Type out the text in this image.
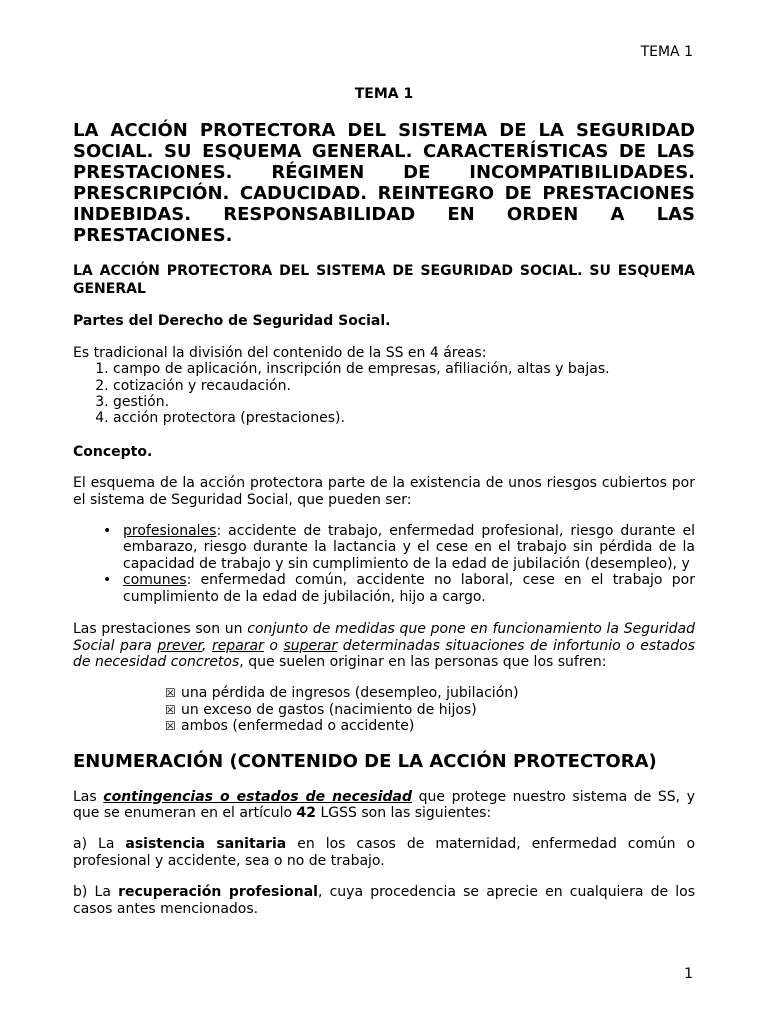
TEMA 1
TEMA 1
LA ACCIÓN PROTECTORA DEL SISTEMA DE LA SEGURIDAD SOCIAL. SU ESQUEMA GENERAL. CARACTERÍSTICAS DE LAS PRESTACIONES. RÉGIMEN DE INCOMPATIBILIDADES. PRESCRIPCIÓN. CADUCIDAD. REINTEGRO DE PRESTACIONES INDEBIDAS. RESPONSABILIDAD EN ORDEN A LAS PRESTACIONES.
LA ACCIÓN PROTECTORA DEL SISTEMA DE SEGURIDAD SOCIAL. SU ESQUEMA GENERAL
Partes del Derecho de Seguridad Social.

Es tradicional la división del contenido de la SS en 4 áreas:

1. campo de aplicación, inscripción de empresas, afiliación, altas y bajas.
2. cotización y recaudación.
3. gestión.
4. acción protectora (prestaciones).
Concepto.

El esquema de la acción protectora parte de la existencia de unos riesgos cubiertos por el sistema de Seguridad Social, que pueden ser:

• profesionales: accidente de trabajo, enfermedad profesional, riesgo durante el embarazo, riesgo durante la lactancia y el cese en el trabajo sin pérdida de la capacidad de trabajo y sin cumplimiento de la edad de jubilación (desempleo), y
• comunes: enfermedad común, accidente no laboral, cese en el trabajo por cumplimiento de la edad de jubilación, hijo a cargo.

Las prestaciones son un conjunto de medidas que pone en funcionamiento la Seguridad Social para prever, reparar o superar determinadas situaciones de infortunio o estados de necesidad concretos, que suelen originar en las personas que los sufren:

☒ una pérdida de ingresos (desempleo, jubilación)
☒ un exceso de gastos (nacimiento de hijos)
☒ ambos (enfermedad o accidente)
ENUMERACIÓN (CONTENIDO DE LA ACCIÓN PROTECTORA)

Las contingencias o estados de necesidad que protege nuestro sistema de SS, y que se enumeran en el artículo 42 LGSS son las siguientes:

a) La asistencia sanitaria en los casos de maternidad, enfermedad común o profesional y accidente, sea o no de trabajo.

b) La recuperación profesional, cuya procedencia se aprecie en cualquiera de los casos antes mencionados.

1
